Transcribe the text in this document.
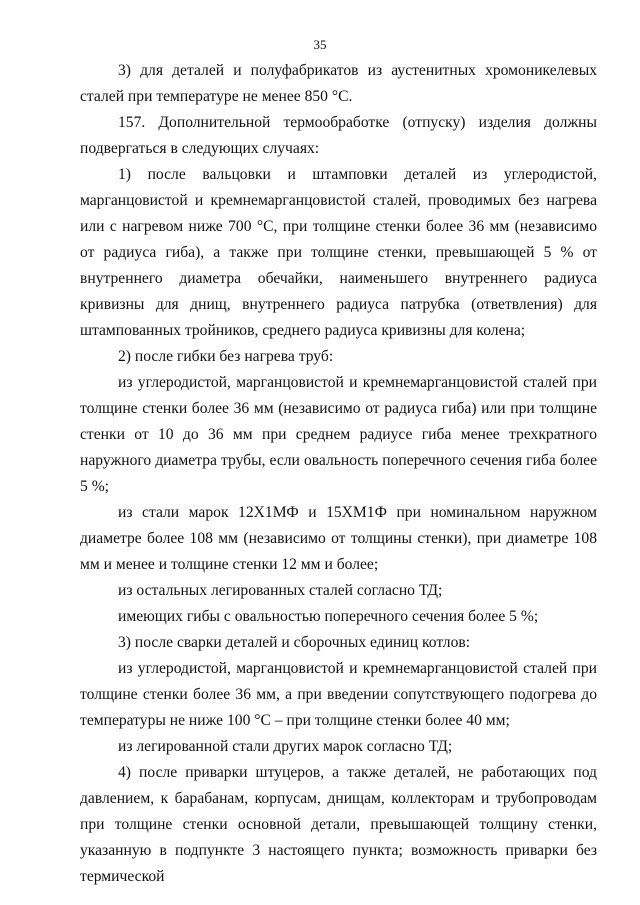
35

3) для деталей и полуфабрикатов из аустенитных хромоникелевых сталей при температуре не менее 850 °С.

157. Дополнительной термообработке (отпуску) изделия должны подвергаться в следующих случаях:

1) после вальцовки и штамповки деталей из углеродистой, марганцовистой и кремнемарганцовистой сталей, проводимых без нагрева или с нагревом ниже 700 °С, при толщине стенки более 36 мм (независимо от радиуса гиба), а также при толщине стенки, превышающей 5 % от внутреннего диаметра обечайки, наименьшего внутреннего радиуса кривизны для днищ, внутреннего радиуса патрубка (ответвления) для штампованных тройников, среднего радиуса кривизны для колена;

2) после гибки без нагрева труб:

из углеродистой, марганцовистой и кремнемарганцовистой сталей при толщине стенки более 36 мм (независимо от радиуса гиба) или при толщине стенки от 10 до 36 мм при среднем радиусе гиба менее трехкратного наружного диаметра трубы, если овальность поперечного сечения гиба более 5 %;

из стали марок 12Х1МФ и 15ХМ1Ф при номинальном наружном диаметре более 108 мм (независимо от толщины стенки), при диаметре 108 мм и менее и толщине стенки 12 мм и более;

из остальных легированных сталей согласно ТД;

имеющих гибы с овальностью поперечного сечения более 5 %;

3) после сварки деталей и сборочных единиц котлов:

из углеродистой, марганцовистой и кремнемарганцовистой сталей при толщине стенки более 36 мм, а при введении сопутствующего подогрева до температуры не ниже 100 °С – при толщине стенки более 40 мм;

из легированной стали других марок согласно ТД;

4) после приварки штуцеров, а также деталей, не работающих под давлением, к барабанам, корпусам, днищам, коллекторам и трубопроводам при толщине стенки основной детали, превышающей толщину стенки, указанную в подпункте 3 настоящего пункта; возможность приварки без термической
